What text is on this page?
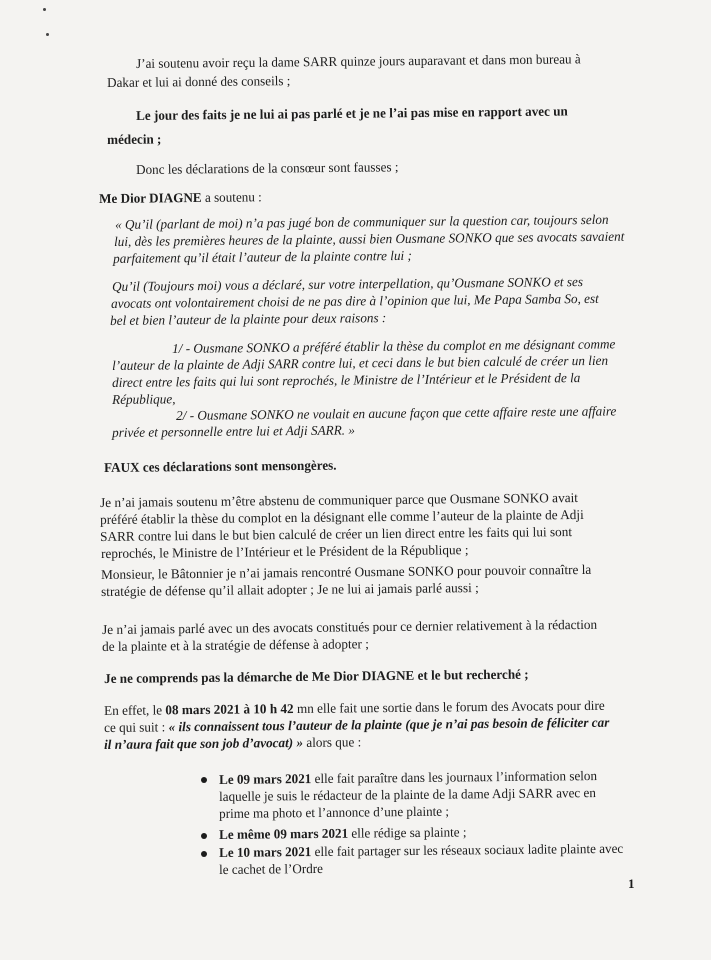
J’ai soutenu avoir reçu la dame SARR quinze jours auparavant et dans mon bureau à
Dakar et lui ai donné des conseils ;
Le jour des faits je ne lui ai pas parlé et je ne l’ai pas mise en rapport avec un
médecin ;
Donc les déclarations de la consœur sont fausses ;
Me Dior DIAGNE a soutenu :
« Qu’il (parlant de moi) n’a pas jugé bon de communiquer sur la question car, toujours selon
lui, dès les premières heures de la plainte, aussi bien Ousmane SONKO que ses avocats savaient
parfaitement qu’il était l’auteur de la plainte contre lui ;
Qu’il (Toujours moi) vous a déclaré, sur votre interpellation, qu’Ousmane SONKO et ses
avocats ont volontairement choisi de ne pas dire à l’opinion que lui, Me Papa Samba So, est
bel et bien l’auteur de la plainte pour deux raisons :
1/ - Ousmane SONKO a préféré établir la thèse du complot en me désignant comme
l’auteur de la plainte de Adji SARR contre lui, et ceci dans le but bien calculé de créer un lien
direct entre les faits qui lui sont reprochés, le Ministre de l’Intérieur et le Président de la
République,
2/ - Ousmane SONKO ne voulait en aucune façon que cette affaire reste une affaire
privée et personnelle entre lui et Adji SARR. »
FAUX ces déclarations sont mensongères.
Je n’ai jamais soutenu m’être abstenu de communiquer parce que Ousmane SONKO avait
préféré établir la thèse du complot en la désignant elle comme l’auteur de la plainte de Adji
SARR contre lui dans le but bien calculé de créer un lien direct entre les faits qui lui sont
reprochés, le Ministre de l’Intérieur et le Président de la République ;
Monsieur, le Bâtonnier je n’ai jamais rencontré Ousmane SONKO pour pouvoir connaître la
stratégie de défense qu’il allait adopter ; Je ne lui ai jamais parlé aussi ;
Je n’ai jamais parlé avec un des avocats constitués pour ce dernier relativement à la rédaction
de la plainte et à la stratégie de défense à adopter ;
Je ne comprends pas la démarche de Me Dior DIAGNE et le but recherché ;
En effet, le 08 mars 2021 à 10 h 42 mn elle fait une sortie dans le forum des Avocats pour dire
ce qui suit : « ils connaissent tous l’auteur de la plainte (que je n’ai pas besoin de féliciter car
il n’aura fait que son job d’avocat) » alors que :
Le 09 mars 2021 elle fait paraître dans les journaux l’information selon
laquelle je suis le rédacteur de la plainte de la dame Adji SARR avec en
prime ma photo et l’annonce d’une plainte ;
Le même 09 mars 2021 elle rédige sa plainte ;
Le 10 mars 2021 elle fait partager sur les réseaux sociaux ladite plainte avec
le cachet de l’Ordre
1
